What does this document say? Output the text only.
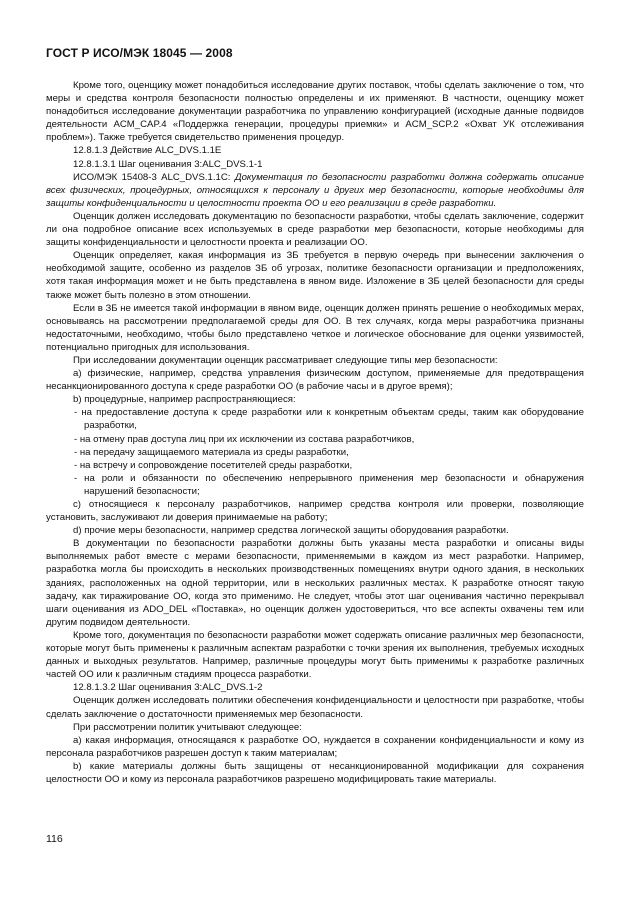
ГОСТ Р ИСО/МЭК 18045 — 2008

Кроме того, оценщику может понадобиться исследование других поставок, чтобы сделать заключение о том, что меры и средства контроля безопасности полностью определены и их применяют. В частности, оценщику может понадобиться исследование документации разработчика по управлению конфигурацией (исходные данные подвидов деятельности ACM_CAP.4 «Поддержка генерации, процедуры приемки» и ACM_SCP.2 «Охват УК отслеживания проблем»). Также требуется свидетельство применения процедур.

12.8.1.3 Действие ALC_DVS.1.1E

12.8.1.3.1 Шаг оценивания 3:ALC_DVS.1-1

ИСО/МЭК 15408-3 ALC_DVS.1.1C: Документация по безопасности разработки должна содержать описание всех физических, процедурных, относящихся к персоналу и других мер безопасности, которые необходимы для защиты конфиденциальности и целостности проекта ОО и его реализации в среде разработки.

Оценщик должен исследовать документацию по безопасности разработки, чтобы сделать заключение, содержит ли она подробное описание всех используемых в среде разработки мер безопасности, которые необходимы для защиты конфиденциальности и целостности проекта и реализации ОО.

Оценщик определяет, какая информация из ЗБ требуется в первую очередь при вынесении заключения о необходимой защите, особенно из разделов ЗБ об угрозах, политике безопасности организации и предположениях, хотя такая информация может и не быть представлена в явном виде. Изложение в ЗБ целей безопасности для среды также может быть полезно в этом отношении.

Если в ЗБ не имеется такой информации в явном виде, оценщик должен принять решение о необходимых мерах, основываясь на рассмотрении предполагаемой среды для ОО. В тех случаях, когда меры разработчика признаны недостаточными, необходимо, чтобы было представлено четкое и логическое обоснование для оценки уязвимостей, потенциально пригодных для использования.

При исследовании документации оценщик рассматривает следующие типы мер безопасности:

a) физические, например, средства управления физическим доступом, применяемые для предотвращения несанкционированного доступа к среде разработки ОО (в рабочие часы и в другое время);

b) процедурные, например распространяющиеся:

- на предоставление доступа к среде разработки или к конкретным объектам среды, таким как оборудование разработки,

- на отмену прав доступа лиц при их исключении из состава разработчиков,

- на передачу защищаемого материала из среды разработки,

- на встречу и сопровождение посетителей среды разработки,

- на роли и обязанности по обеспечению непрерывного применения мер безопасности и обнаружения нарушений безопасности;

c) относящиеся к персоналу разработчиков, например средства контроля или проверки, позволяющие установить, заслуживают ли доверия принимаемые на работу;

d) прочие меры безопасности, например средства логической защиты оборудования разработки.

В документации по безопасности разработки должны быть указаны места разработки и описаны виды выполняемых работ вместе с мерами безопасности, применяемыми в каждом из мест разработки. Например, разработка могла бы происходить в нескольких производственных помещениях внутри одного здания, в нескольких зданиях, расположенных на одной территории, или в нескольких различных местах. К разработке относят такую задачу, как тиражирование ОО, когда это применимо. Не следует, чтобы этот шаг оценивания частично перекрывал шаги оценивания из ADO_DEL «Поставка», но оценщик должен удостовериться, что все аспекты охвачены тем или другим подвидом деятельности.

Кроме того, документация по безопасности разработки может содержать описание различных мер безопасности, которые могут быть применены к различным аспектам разработки с точки зрения их выполнения, требуемых исходных данных и выходных результатов. Например, различные процедуры могут быть применимы к разработке различных частей ОО или к различным стадиям процесса разработки.

12.8.1.3.2 Шаг оценивания 3:ALC_DVS.1-2

Оценщик должен исследовать политики обеспечения конфиденциальности и целостности при разработке, чтобы сделать заключение о достаточности применяемых мер безопасности.

При рассмотрении политик учитывают следующее:

a) какая информация, относящаяся к разработке ОО, нуждается в сохранении конфиденциальности и кому из персонала разработчиков разрешен доступ к таким материалам;

b) какие материалы должны быть защищены от несанкционированной модификации для сохранения целостности ОО и кому из персонала разработчиков разрешено модифицировать такие материалы.

116
